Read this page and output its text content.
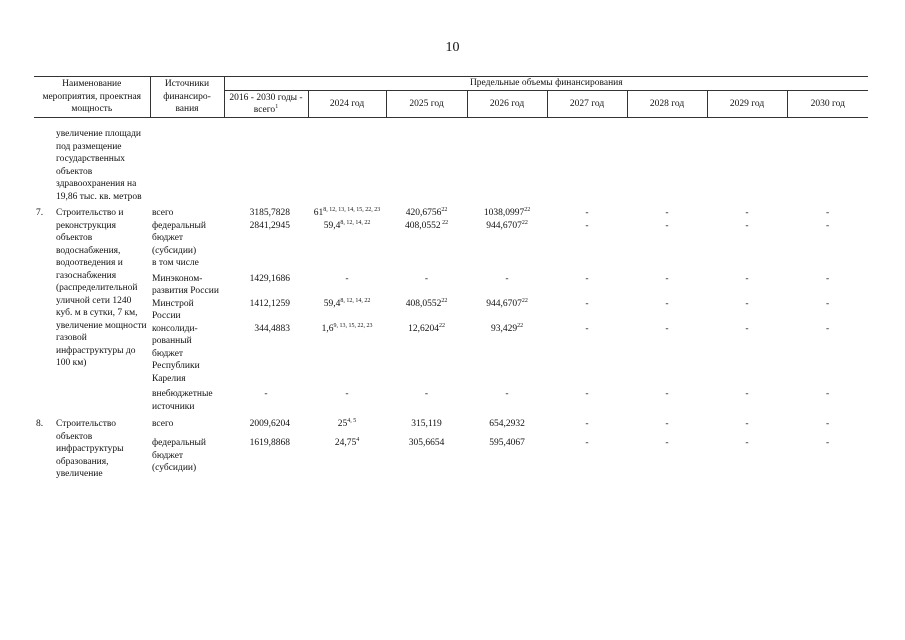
10
Наименование мероприятия, проектная мощность	Источники финансиро-вания	Предельные объемы финансирования							
		2016 - 2030 годы - всего$^1$	2024 год	2025 год	2026 год	2027 год	2028 год	2029 год	2030 год

увеличение площади под размещение государственных объектов здравоохранения на 19,86 тыс. кв. метров									

7. Строительство и реконструкция объектов водоснабжения, водоотведения и газоснабжения (распределительной уличной сети 1240 куб. м в сутки, 7 км, увеличение мощности газовой инфраструктуры до 100 км)	всего	3185,7828	61$^{8, 12, 13, 14, 15, 22, 23}$	420,6756$^{22}$	1038,0997$^{22}$	-	-	-	-
	федеральный бюджет (субсидии)	2841,2945	59,4$^{8, 12, 14, 22}$	408,0552 $^{22}$	944,6707$^{22}$	-	-	-	-
	в том числе								
	Минэконом-развития России	1429,1686	-	-	-	-	-	-	-
	Минстрой России	1412,1259	59,4$^{8, 12, 14, 22}$	408,0552$^{22}$	944,6707$^{22}$	-	-	-	-
	консолиди-рованный бюджет Республики Карелия	344,4883	1,6$^{9, 13, 15, 22, 23}$	12,6204$^{22}$	93,429$^{22}$	-	-	-	-
	внебюджетные источники	-	-	-	-	-	-	-	-

8. Строительство объектов инфраструктуры образования, увеличение	всего	2009,6204	25$^{4, 5}$	315,119	654,2932	-	-	-	-
	федеральный бюджет (субсидии)	1619,8868	24,75$^4$	305,6654	595,4067	-	-	-	-
